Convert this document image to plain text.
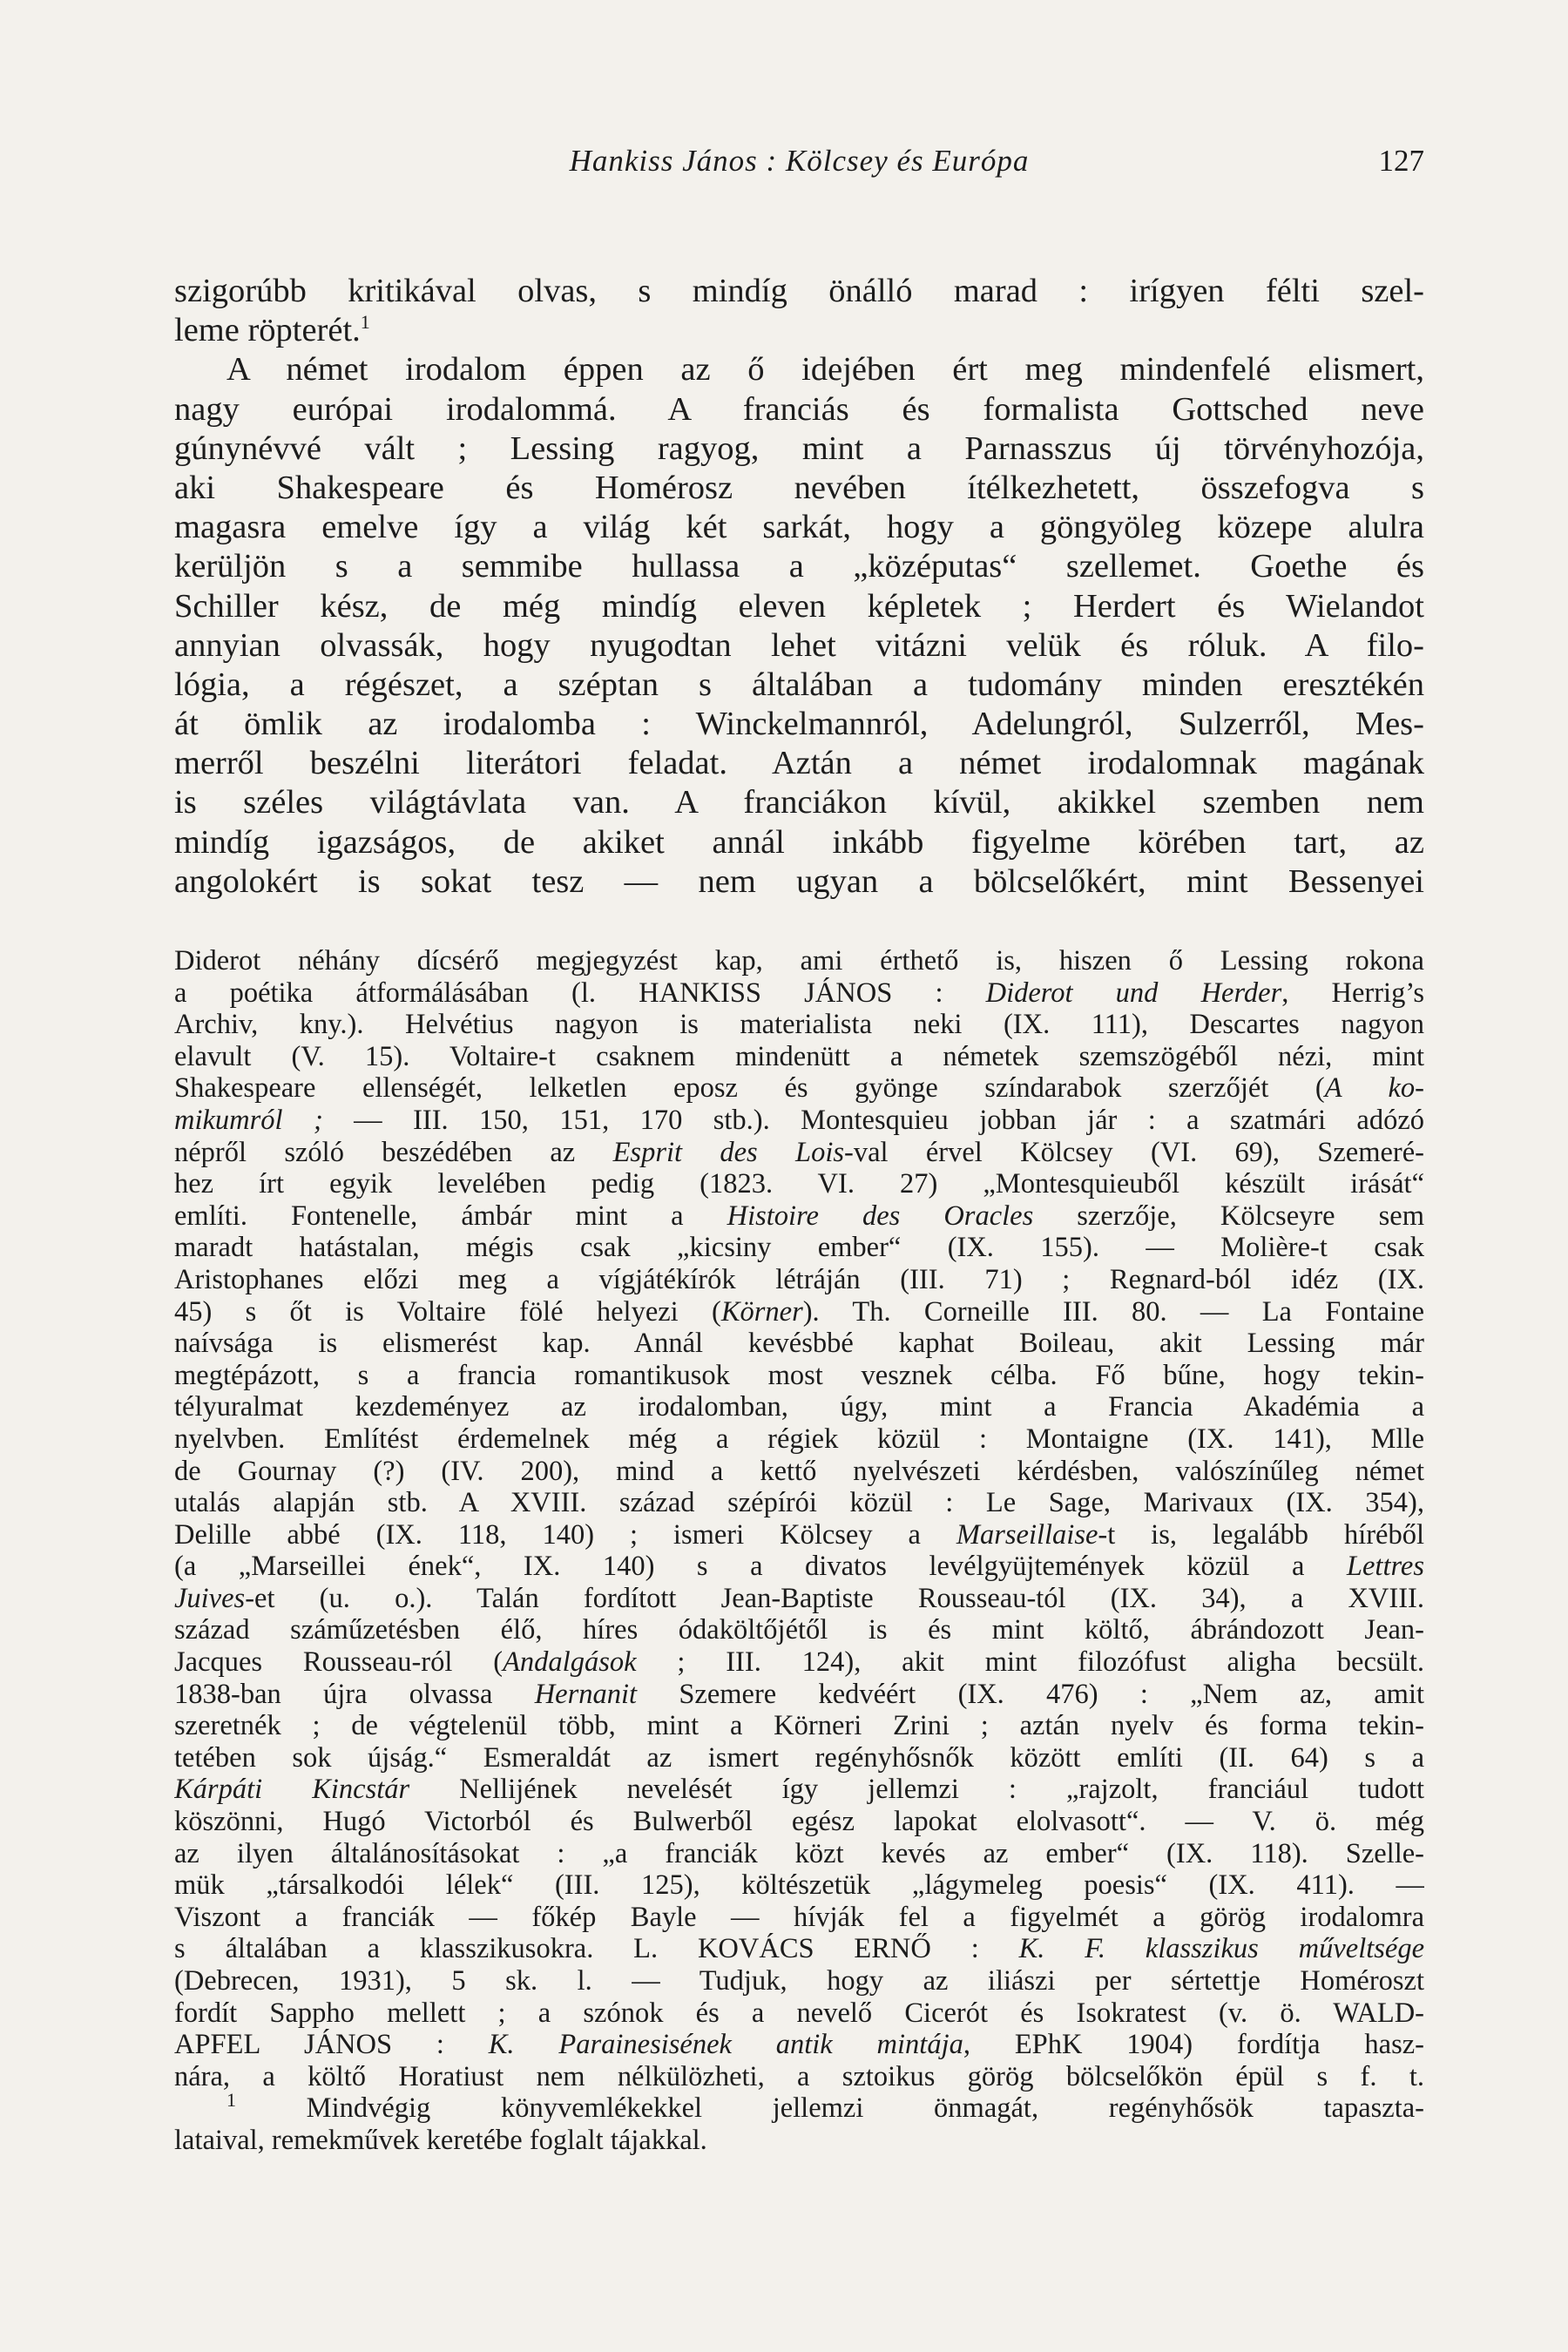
Hankiss János : Kölcsey és Európa	127
szigorúbb kritikával olvas, s mindíg önálló marad : irígyen félti szel-
leme röpterét.$^1$
A német irodalom éppen az ő idejében ért meg mindenfelé elismert,
nagy európai irodalommá. A franciás és formalista Gottsched neve
gúnynévvé vált ; Lessing ragyog, mint a Parnasszus új törvényhozója,
aki Shakespeare és Homérosz nevében ítélkezhetett, összefogva s
magasra emelve így a világ két sarkát, hogy a göngyöleg közepe alulra
kerüljön s a semmibe hullassa a „középutas“ szellemet. Goethe és
Schiller kész, de még mindíg eleven képletek ; Herdert és Wielandot
annyian olvassák, hogy nyugodtan lehet vitázni velük és róluk. A filo-
lógia, a régészet, a széptan s általában a tudomány minden eresztékén
át ömlik az irodalomba : Winckelmannról, Adelungról, Sulzerről, Mes-
merről beszélni literátori feladat. Aztán a német irodalomnak magának
is széles világtávlata van. A franciákon kívül, akikkel szemben nem
mindíg igazságos, de akiket annál inkább figyelme körében tart, az
angolokért is sokat tesz — nem ugyan a bölcselőkért, mint Bessenyei
Diderot néhány dícsérő megjegyzést kap, ami érthető is, hiszen ő Lessing rokona
a poétika átformálásában (l. HANKISS JÁNOS : Diderot und Herder, Herrig’s
Archiv, kny.). Helvétius nagyon is materialista neki (IX. 111), Descartes nagyon
elavult (V. 15). Voltaire-t csaknem mindenütt a németek szemszögéből nézi, mint
Shakespeare ellenségét, lelketlen eposz és gyönge színdarabok szerzőjét (A ko-
mikumról ; — III. 150, 151, 170 stb.). Montesquieu jobban jár : a szatmári adózó
népről szóló beszédében az Esprit des Lois-val érvel Kölcsey (VI. 69), Szemeré-
hez írt egyik levelében pedig (1823. VI. 27) „Montesquieuből készült irását“
említi. Fontenelle, ámbár mint a Histoire des Oracles szerzője, Kölcseyre sem
maradt hatástalan, mégis csak „kicsiny ember“ (IX. 155). — Molière-t csak
Aristophanes előzi meg a vígjátékírók létráján (III. 71) ; Regnard-ból idéz (IX.
45) s őt is Voltaire fölé helyezi (Körner). Th. Corneille III. 80. — La Fontaine
naívsága is elismerést kap. Annál kevésbbé kaphat Boileau, akit Lessing már
megtépázott, s a francia romantikusok most vesznek célba. Fő bűne, hogy tekin-
télyuralmat kezdeményez az irodalomban, úgy, mint a Francia Akadémia a
nyelvben. Említést érdemelnek még a régiek közül : Montaigne (IX. 141), Mlle
de Gournay (?) (IV. 200), mind a kettő nyelvészeti kérdésben, valószínűleg német
utalás alapján stb. A XVIII. század szépírói közül : Le Sage, Marivaux (IX. 354),
Delille abbé (IX. 118, 140) ; ismeri Kölcsey a Marseillaise-t is, legalább híréből
(a „Marseillei ének“, IX. 140) s a divatos levélgyüjtemények közül a Lettres
Juives-et (u. o.). Talán fordított Jean-Baptiste Rousseau-tól (IX. 34), a XVIII.
század száműzetésben élő, híres ódaköltőjétől is és mint költő, ábrándozott Jean-
Jacques Rousseau-ról (Andalgások ; III. 124), akit mint filozófust aligha becsült.
1838-ban újra olvassa Hernanit Szemere kedvéért (IX. 476) : „Nem az, amit
szeretnék ; de végtelenül több, mint a Körneri Zrini ; aztán nyelv és forma tekin-
tetében sok újság.“ Esmeraldát az ismert regényhősnők között említi (II. 64) s a
Kárpáti Kincstár Nellijének nevelését így jellemzi : „rajzolt, franciául tudott
köszönni, Hugó Victorból és Bulwerből egész lapokat elolvasott“. — V. ö. még
az ilyen általánosításokat : „a franciák közt kevés az ember“ (IX. 118). Szelle-
mük „társalkodói lélek“ (III. 125), költészetük „lágymeleg poesis“ (IX. 411). —
Viszont a franciák — főkép Bayle — hívják fel a figyelmét a görög irodalomra
s általában a klasszikusokra. L. KOVÁCS ERNŐ : K. F. klasszikus műveltsége
(Debrecen, 1931), 5 sk. l. — Tudjuk, hogy az iliászi per sértettje Homéroszt
fordít Sappho mellett ; a szónok és a nevelő Cicerót és Isokratest (v. ö. WALD-
APFEL JÁNOS : K. Parainesisének antik mintája, EPhK 1904) fordítja hasz-
nára, a költő Horatiust nem nélkülözheti, a sztoikus görög bölcselőkön épül s f. t.
$^1$ Mindvégig könyvemlékekkel jellemzi önmagát, regényhősök tapaszta-
lataival, remekművek keretébe foglalt tájakkal.
